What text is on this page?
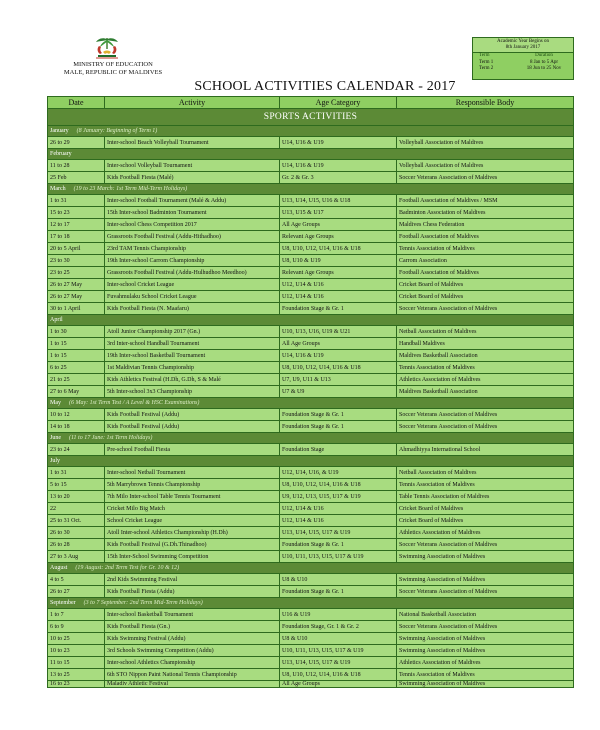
MINISTRY OF EDUCATION
MALE, REPUBLIC OF MALDIVES
Academic Year Begins on
8th January 2017
Term	Duration
Term 1	8 Jan to 5 Apr
Term 2	18 Jun to 25 Nov
SCHOOL ACTIVITIES CALENDAR - 2017
Date	Activity	Age Category	Responsible Body
SPORTS ACTIVITIES			
January (8 January: Beginning of Term 1)			
26 to 29	Inter-school Beach Volleyball Tournament	U14, U16 & U19	Volleyball Association of Maldives
February			
11 to 28	Inter-school Volleyball Tournament	U14, U16 & U19	Volleyball Association of Maldives
25 Feb	Kids Football Fiesta (Malé)	Gr. 2 & Gr. 3	Soccer Veterans Association of Maldives
March (19 to 23 March: 1st Term Mid-Term Holidays)			
1 to 31	Inter-school Football Tournament (Malé & Addu)	U13, U14, U15, U16 & U18	Football Association of Maldives / MSM
15 to 23	15th Inter-school Badminton Tournament	U13, U15 & U17	Badminton Association of Maldives
12 to 17	Inter-school Chess Competition 2017	All Age Groups	Maldives Chess Federation
17 to 18	Grassroots Football Festival (Addu-Hithadhoo)	Relevant Age Groups	Football Association of Maldives
20 to 5 April	23rd TAM Tennis Championship	U8, U10, U12, U14, U16 & U18	Tennis Association of Maldives
23 to 30	19th Inter-school Carrom Championship	U8, U10 & U19	Carrom Association
23 to 25	Grassroots Football Festival (Addu-Hulhudhoo Meedhoo)	Relevant Age Groups	Football Association of Maldives
26 to 27 May	Inter-school Cricket League	U12, U14 & U16	Cricket Board of Maldives
26 to 27 May	Fuvahmulaku School Cricket League	U12, U14 & U16	Cricket Board of Maldives
30 to 1 April	Kids Football Fiesta (N. Maafaru)	Foundation Stage & Gr. 1	Soccer Veterans Association of Maldives
April			
1 to 30	Atoll Junior Championship 2017 (Gn.)	U10, U13, U16, U19 & U21	Netball Association of Maldives
1 to 15	3rd Inter-school Handball Tournament	All Age Groups	Handball Maldives
1 to 15	19th Inter-school Basketball Tournament	U14, U16 & U19	Maldives Basketball Association
6 to 25	1st Maldivian Tennis Championship	U8, U10, U12, U14, U16 & U18	Tennis Association of Maldives
21 to 25	Kids Athletics Festival (H.Dh, G.Dh, S & Malé	U7, U9, U11 & U13	Athletics Association of Maldives
27 to 6 May	5th Inter-school 3x3 Championship	U7 & U9	Maldives Basketball Association
May (6 May: 1st Term Test / A Level & HSC Examinations)			
10 to 12	Kids Football Festival (Addu)	Foundation Stage & Gr. 1	Soccer Veterans Association of Maldives
14 to 18	Kids Football Festival (Addu)	Foundation Stage & Gr. 1	Soccer Veterans Association of Maldives
June (11 to 17 June: 1st Term Holidays)			
23 to 24	Pre-school Football Fiesta	Foundation Stage	Ahmadhiyya International School
July			
1 to 31	Inter-school Netball Tournament	U12, U14, U16, & U19	Netball Association of Maldives
5 to 15	5th Marrybrown Tennis Championship	U8, U10, U12, U14, U16 & U18	Tennis Association of Maldives
13 to 20	7th Milo Inter-school Table Tennis Tournament	U9, U12, U13, U15, U17 & U19	Table Tennis Association of Maldives
22	Cricket Milo Big Match	U12, U14 & U16	Cricket Board of Maldives
25 to 31 Oct.	School Cricket League	U12, U14 & U16	Cricket Board of Maldives
26 to 30	Atoll Inter-school Athletics Championship (H.Dh)	U13, U14, U15, U17 & U19	Athletics Association of Maldives
26 to 28	Kids Football Festival (G.Dh.Thinadhoo)	Foundation Stage & Gr. 1	Soccer Veterans Association of Maldives
27 to 3 Aug	15th Inter-School Swimming Competition	U10, U11, U13, U15, U17 & U19	Swimming Association of Maldives
August (19 August: 2nd Term Test for Gr. 10 & 12)			
4 to 5	2nd Kids Swimming Festival	U8 & U10	Swimming Association of Maldives
26 to 27	Kids Football Fiesta (Addu)	Foundation Stage & Gr. 1	Soccer Veterans Association of Maldives
September (3 to 7 September: 2nd Term Mid-Term Holidays)			
1 to 7	Inter-school Basketball Tournament	U16 & U19	National Basketball Association
6 to 9	Kids Football Fiesta (Gn.)	Foundation Stage, Gr. 1 & Gr. 2	Soccer Veterans Association of Maldives
10 to 25	Kids Swimming Festival (Addu)	U8 & U10	Swimming Association of Maldives
10 to 23	3rd Schools Swimming Competition (Addu)	U10, U11, U13, U15, U17 & U19	Swimming Association of Maldives
11 to 15	Inter-school Athletics Championship	U13, U14, U15, U17 & U19	Athletics Association of Maldives
13 to 25	6th STO Nippon Paint National Tennis Championship	U8, U10, U12, U14, U16 & U18	Tennis Association of Maldives
16 to 23	Maladiv Athletic Festival	All Age Groups	Swimming Association of Maldives
